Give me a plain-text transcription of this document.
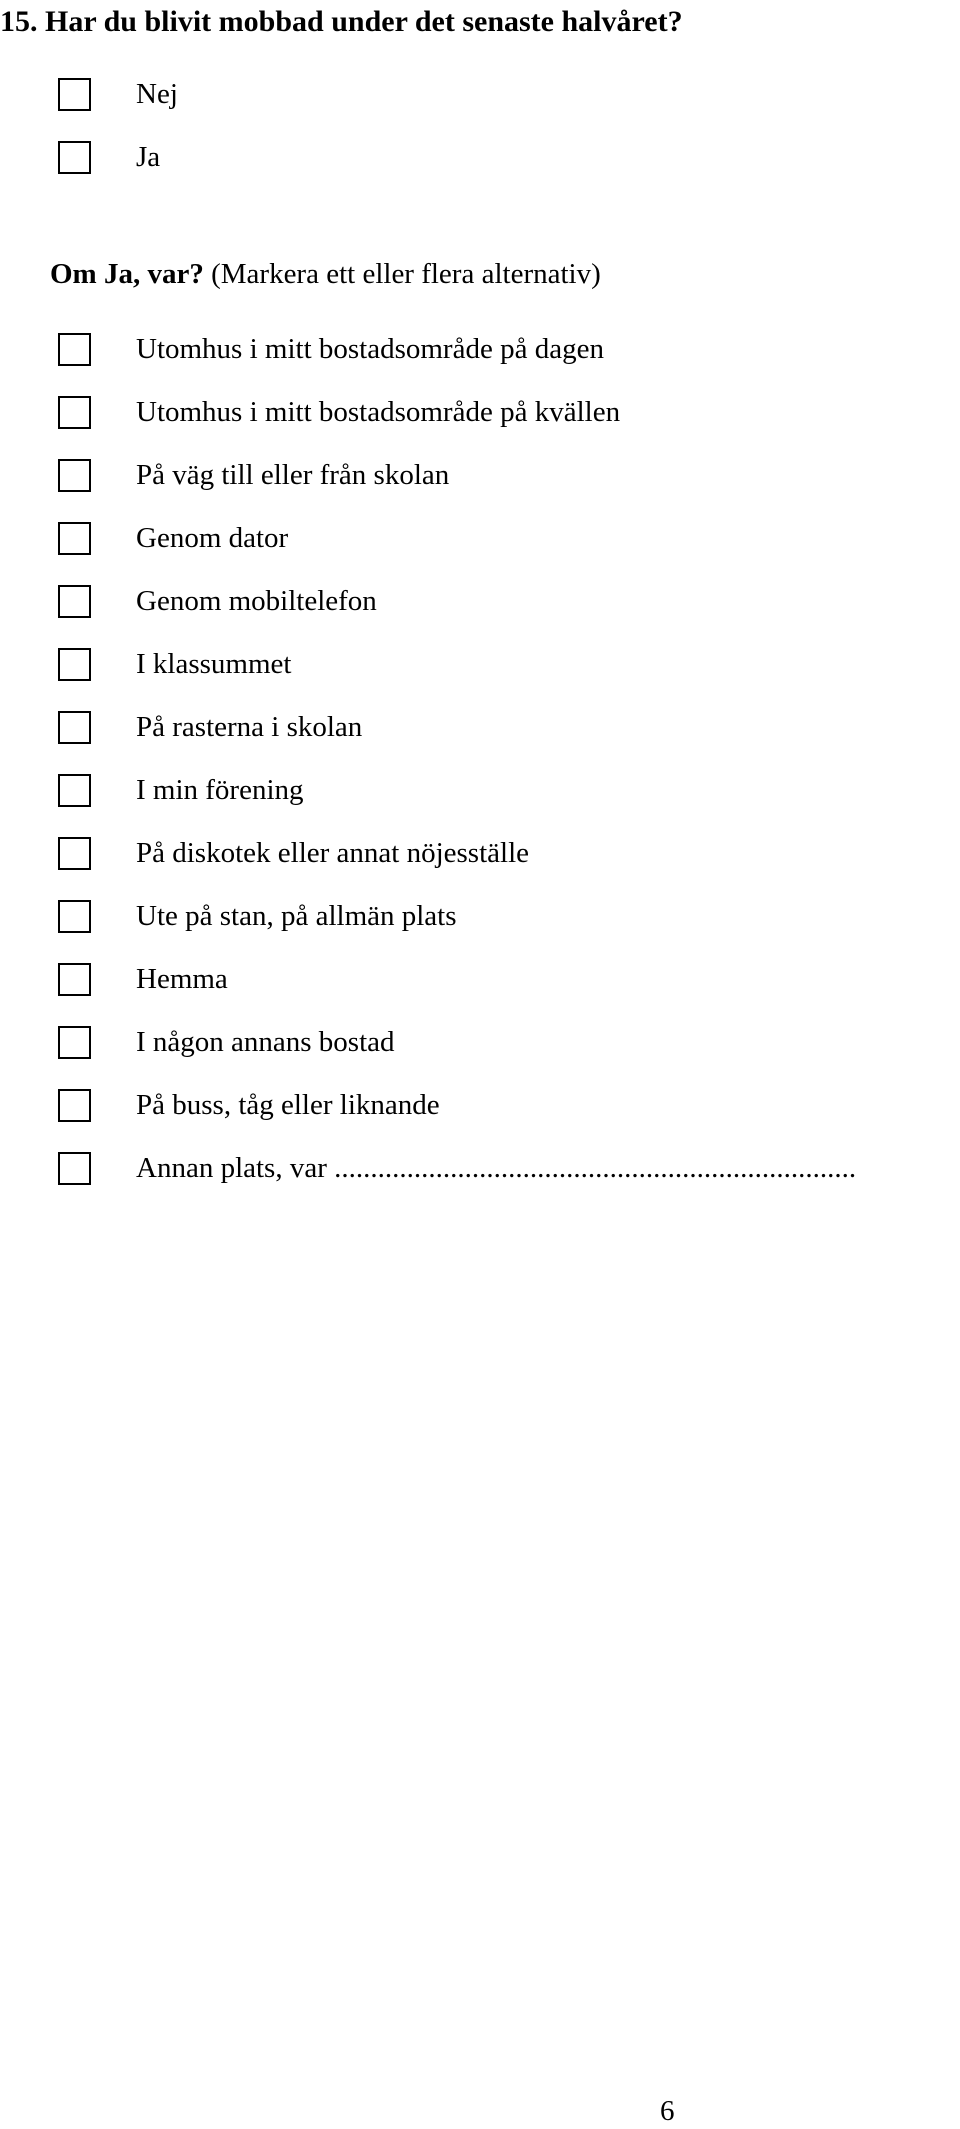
15. Har du blivit mobbad under det senaste halvåret?
Nej
Ja
Om Ja, var? (Markera ett eller flera alternativ)
Utomhus i mitt bostadsområde på dagen
Utomhus i mitt bostadsområde på kvällen
På väg till eller från skolan
Genom dator
Genom mobiltelefon
I klassummet
På rasterna i skolan
I min förening
På diskotek eller annat nöjesställe
Ute på stan, på allmän plats
Hemma
I någon annans bostad
På buss, tåg eller liknande
Annan plats, var ........................................................................
6
